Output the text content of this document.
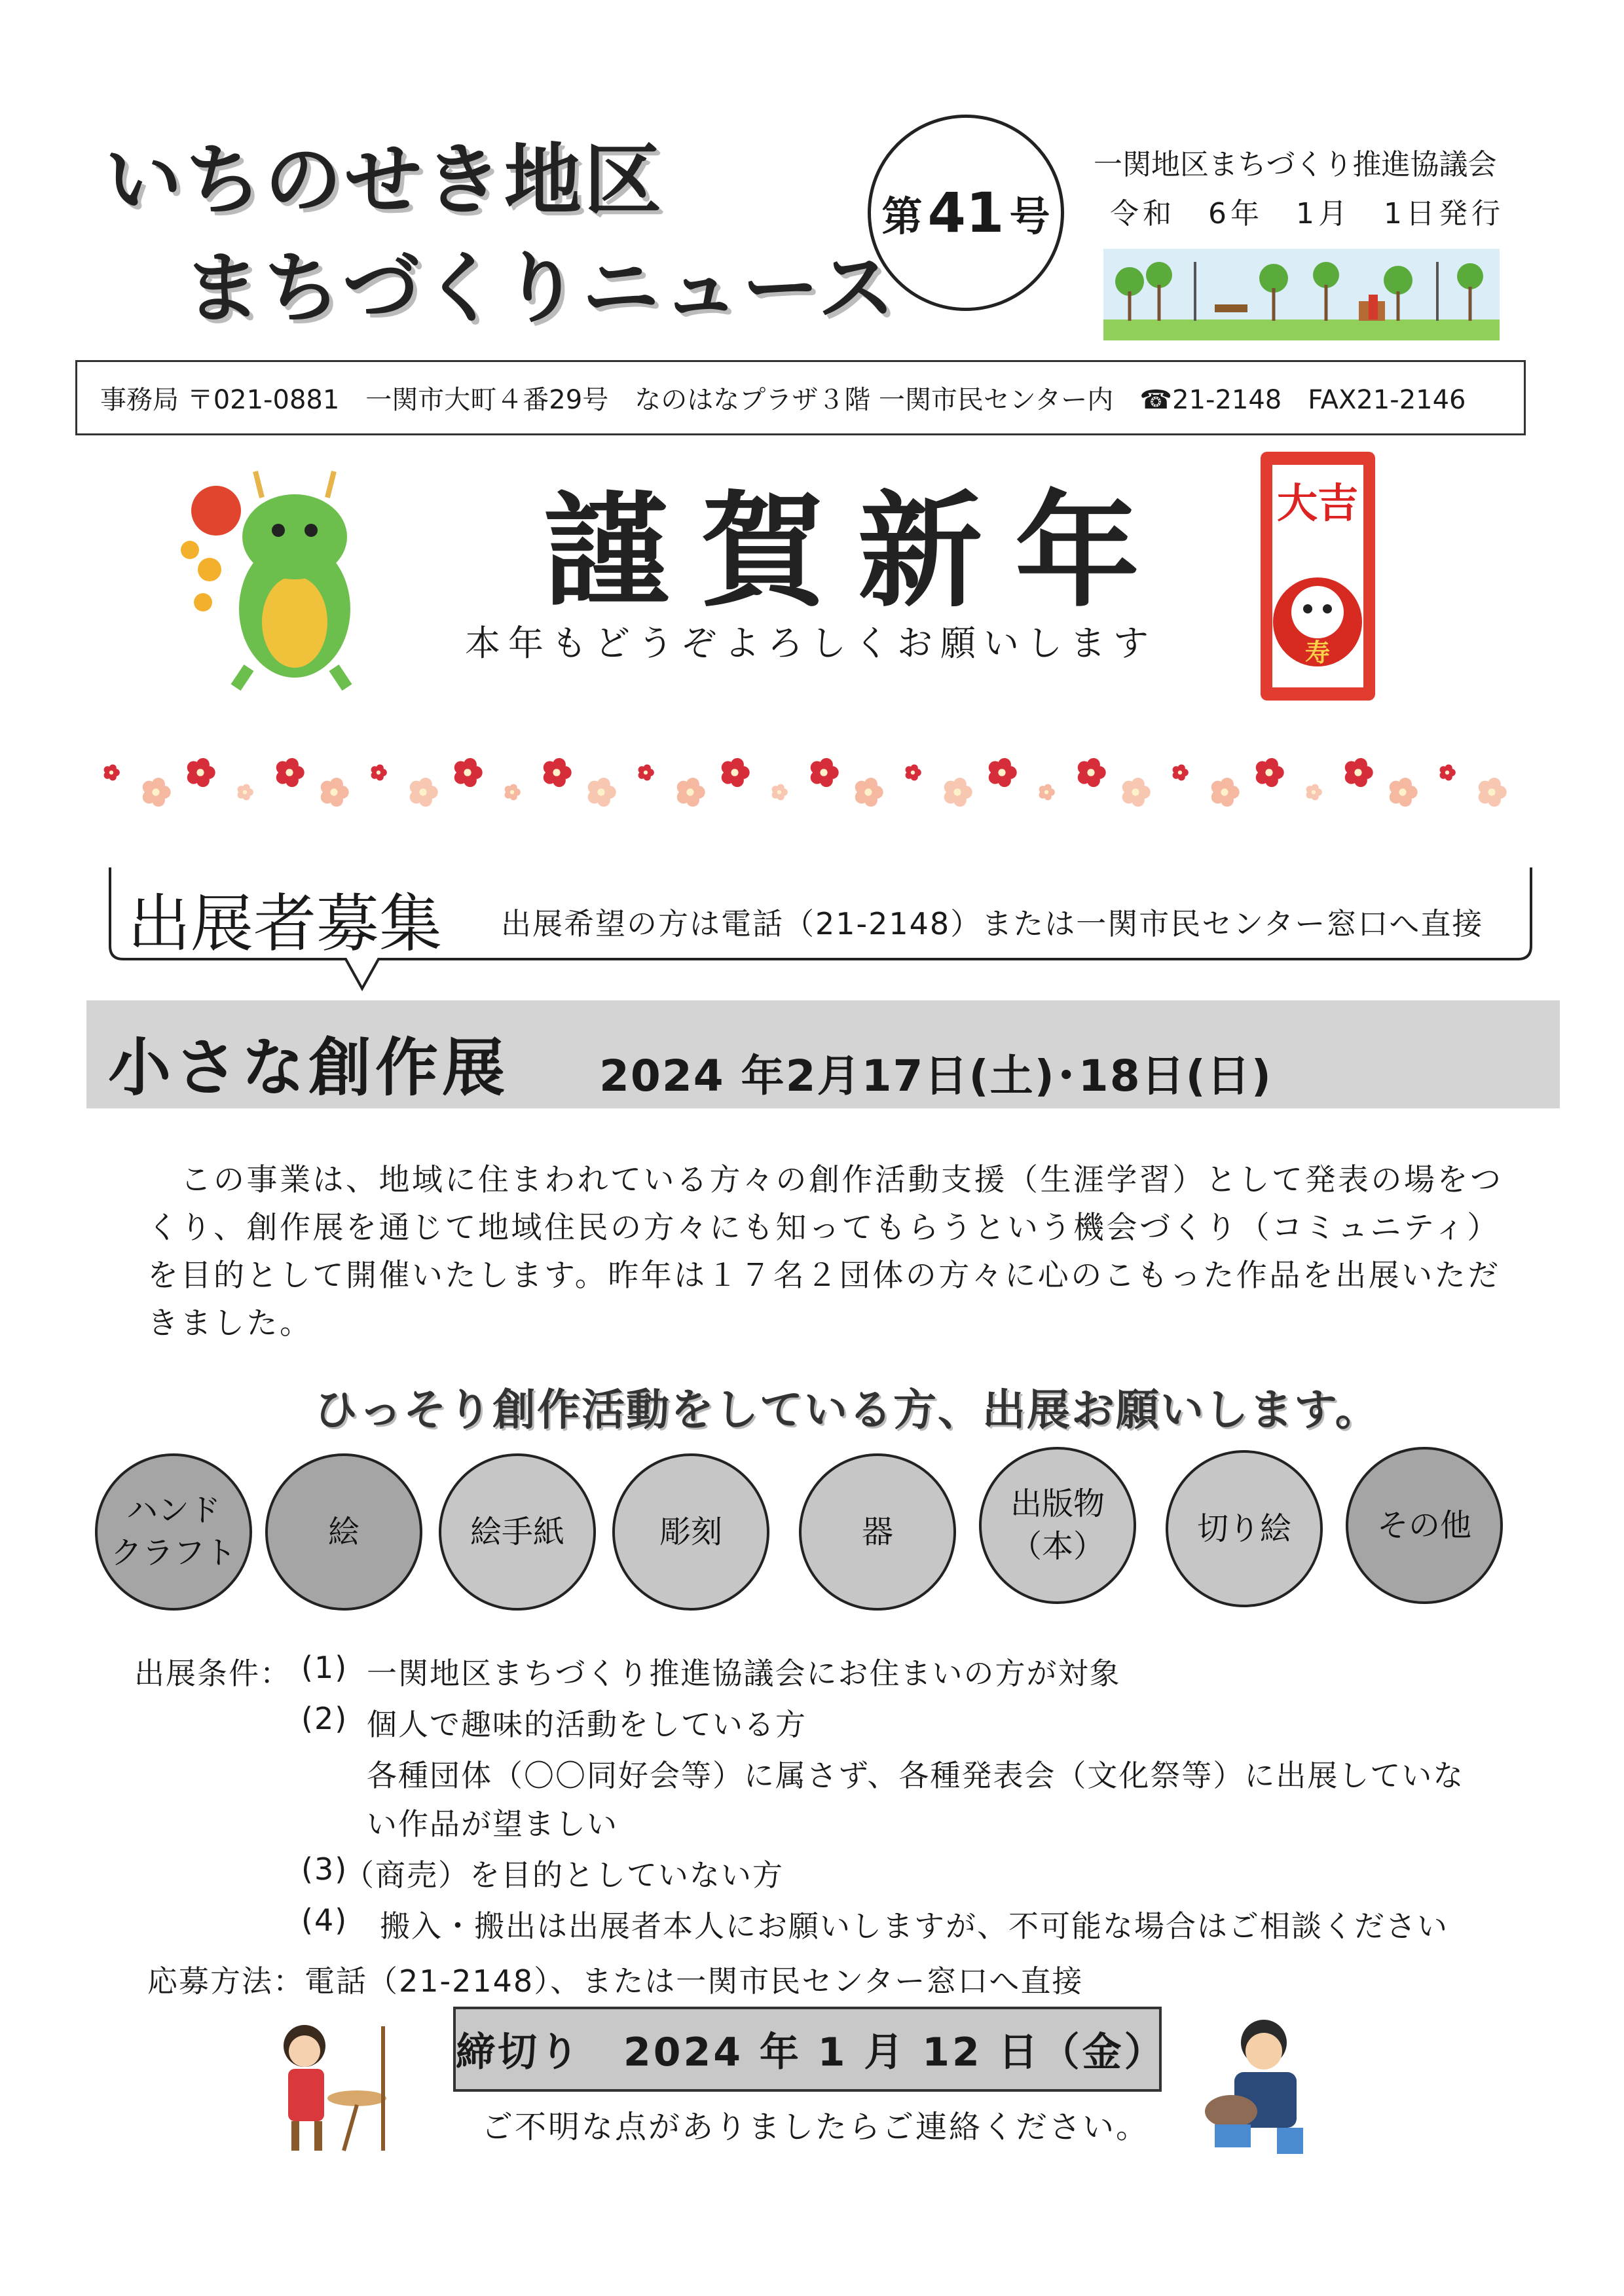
いちのせき地区
まちづくりニュース
第 41 号
一関地区まちづくり推進協議会
令和　6年　1月　1日発行
事務局 〒021-0881　一関市大町４番29号　なのはなプラザ３階 一関市民センター内　☎21-2148　FAX21-2146
謹賀新年
本年もどうぞよろしくお願いします
大吉
寿
出展者募集 出展希望の方は電話（21-2148）または一関市民センター窓口へ直接
小さな創作展 2024 年2月17日(土)･18日(日)
　この事業は、地域に住まわれている方々の創作活動支援（生涯学習）として発表の場をつ
くり、創作展を通じて地域住民の方々にも知ってもらうという機会づくり（コミュニティ）
を目的として開催いたします。昨年は１７名２団体の方々に心のこもった作品を出展いただ
きました。
ひっそり創作活動をしている方、出展お願いします。
ハンド
クラフト
絵	絵手紙	彫刻	器
出版物
（本）	切り絵	その他
出展条件： (1) 一関地区まちづくり推進協議会にお住まいの方が対象
(2) 個人で趣味的活動をしている方
各種団体（〇〇同好会等）に属さず、各種発表会（文化祭等）に出展していな
い作品が望ましい
(3)
（商売）を目的としていない方
(4) 搬入・搬出は出展者本人にお願いしますが、不可能な場合はご相談ください
応募方法：電話（21-2148）、または一関市民センター窓口へ直接
締切り　2024 年 1 月 12 日（金）
ご不明な点がありましたらご連絡ください。
